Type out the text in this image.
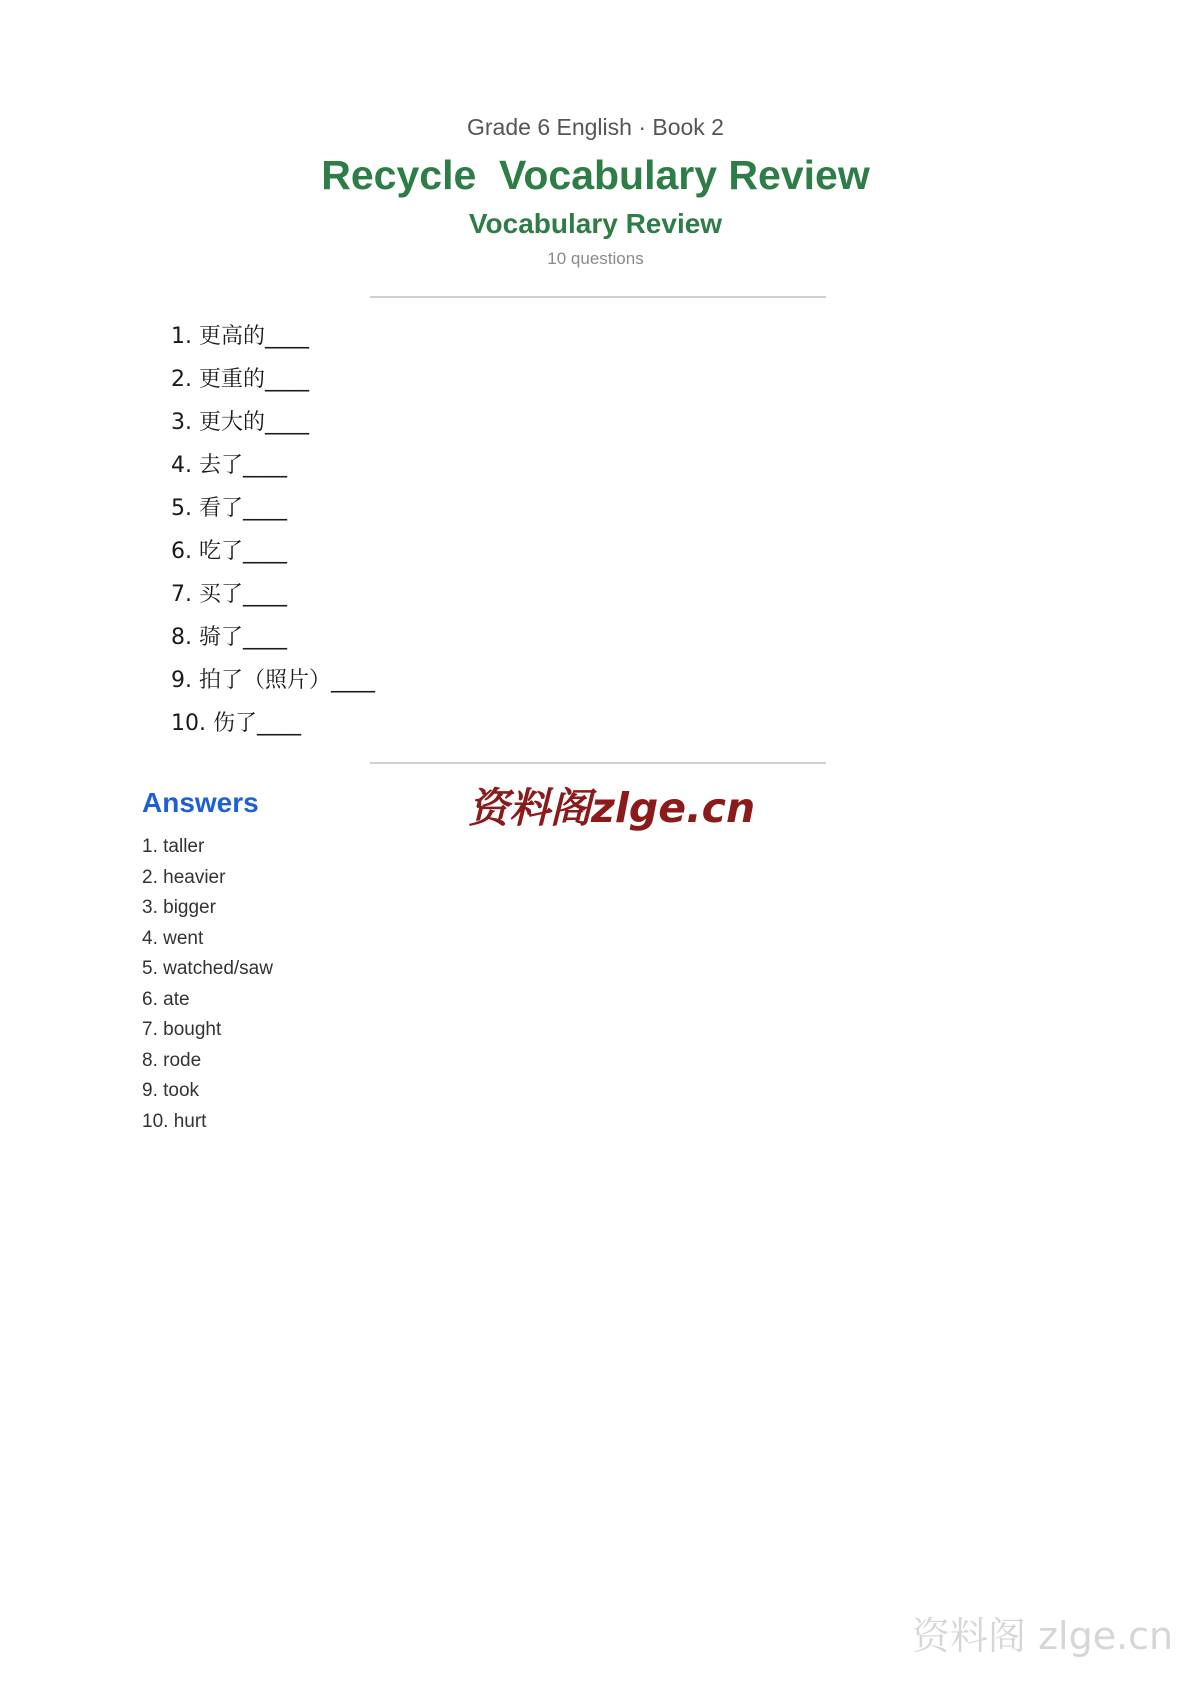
Grade 6 English · Book 2
Recycle  Vocabulary Review
Vocabulary Review
10 questions
1. 更高的____
2. 更重的____
3. 更大的____
4. 去了____
5. 看了____
6. 吃了____
7. 买了____
8. 骑了____
9. 拍了（照片）____
10. 伤了____
Answers	资料阁zlge.cn
1. taller
2. heavier
3. bigger
4. went
5. watched/saw
6. ate
7. bought
8. rode
9. took
10. hurt
资料阁 zlge.cn
